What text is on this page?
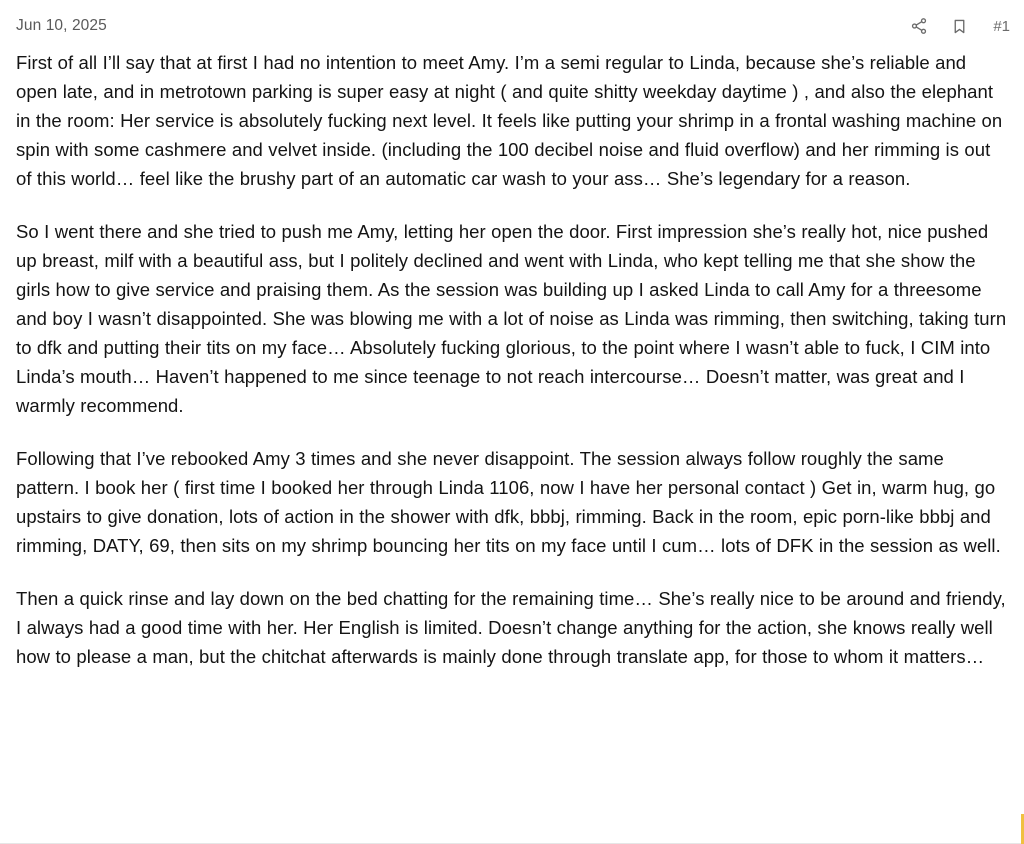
Jun 10, 2025	#1

First of all I’ll say that at first I had no intention to meet Amy. I’m a semi regular to Linda, because she’s reliable and open late, and in metrotown parking is super easy at night ( and quite shitty weekday daytime ) , and also the elephant in the room: Her service is absolutely fucking next level. It feels like putting your shrimp in a frontal washing machine on spin with some cashmere and velvet inside. (including the 100 decibel noise and fluid overflow) and her rimming is out of this world… feel like the brushy part of an automatic car wash to your ass… She’s legendary for a reason.

So I went there and she tried to push me Amy, letting her open the door. First impression she’s really hot, nice pushed up breast, milf with a beautiful ass, but I politely declined and went with Linda, who kept telling me that she show the girls how to give service and praising them. As the session was building up I asked Linda to call Amy for a threesome and boy I wasn’t disappointed. She was blowing me with a lot of noise as Linda was rimming, then switching, taking turn to dfk and putting their tits on my face… Absolutely fucking glorious, to the point where I wasn’t able to fuck, I CIM into Linda’s mouth… Haven’t happened to me since teenage to not reach intercourse… Doesn’t matter, was great and I warmly recommend.

Following that I’ve rebooked Amy 3 times and she never disappoint. The session always follow roughly the same pattern. I book her ( first time I booked her through Linda 1106, now I have her personal contact ) Get in, warm hug, go upstairs to give donation, lots of action in the shower with dfk, bbbj, rimming. Back in the room, epic porn-like bbbj and rimming, DATY, 69, then sits on my shrimp bouncing her tits on my face until I cum… lots of DFK in the session as well.

Then a quick rinse and lay down on the bed chatting for the remaining time… She’s really nice to be around and friendy, I always had a good time with her. Her English is limited. Doesn’t change anything for the action, she knows really well how to please a man, but the chitchat afterwards is mainly done through translate app, for those to whom it matters…
